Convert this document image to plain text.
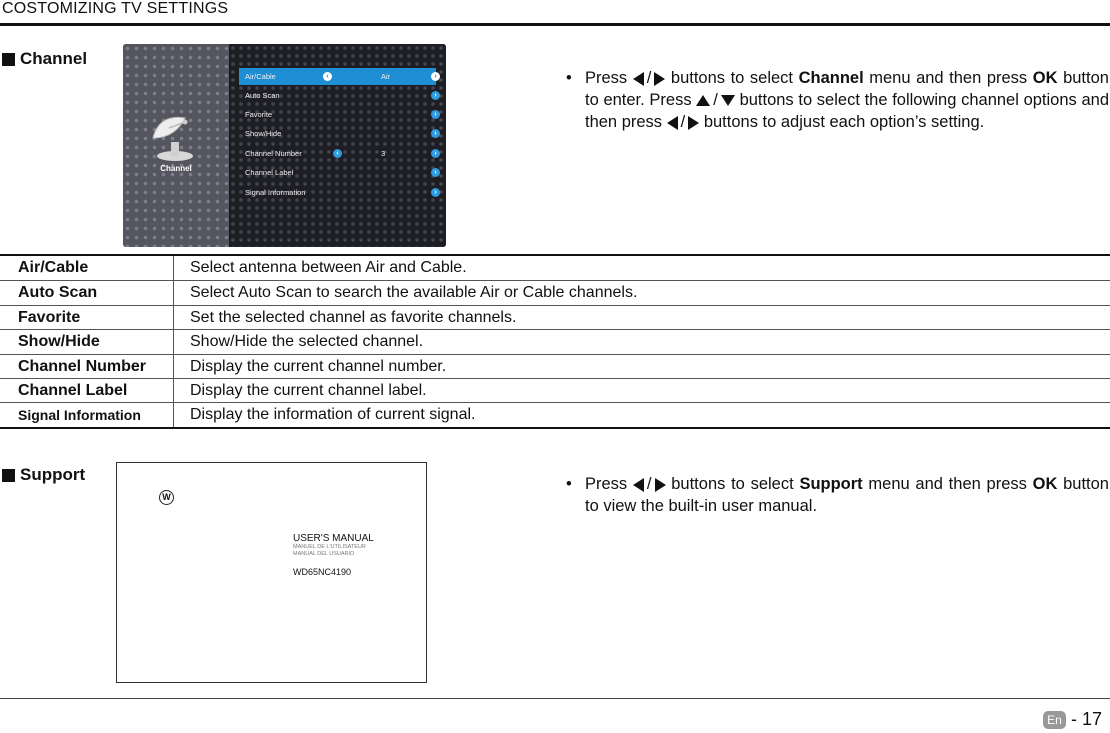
COSTOMIZING TV SETTINGS
Channel
Channel
Air/Cable	Air
‹	›
Auto Scan	›
Favorite	›
Show/Hide	›
Channel Number	3
‹	›
Channel Label	›
Signal Information	›
• Press / buttons to select Channel menu and then press OK button to enter. Press / buttons to select the following channel options and then press / buttons to adjust each option’s setting.
Air/Cable	Select antenna between Air and Cable.
Auto Scan	Select Auto Scan to search the available Air or Cable channels.
Favorite	Set the selected channel as favorite channels.
Show/Hide	Show/Hide the selected channel.
Channel Number	Display the current channel number.
Channel Label	Display the current channel label.
Signal Information	Display the information of current signal.
Support
W
USER'S MANUAL
MANUEL DE L'UTILISATEUR
MANUAL DEL USUARIO
WD65NC4190
• Press / buttons to select Support menu and then press OK button to view the built-in user manual.
En - 17
